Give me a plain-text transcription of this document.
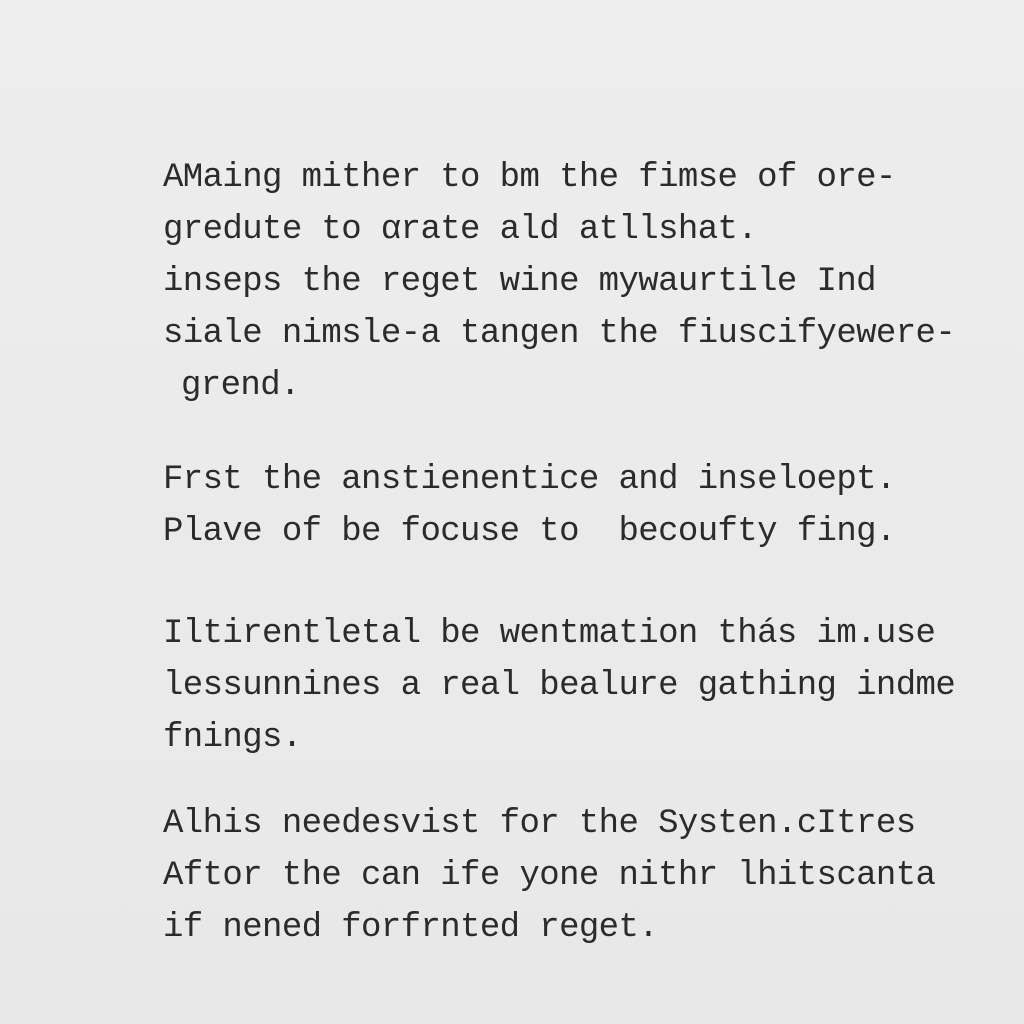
AMaing mither to bm the fimse of ore-
gredute to αrate ald atllshat.
inseps the reget wine mywaurtile Ind
siale nimsle-a tangen the fiuscifyewere-
grend.
Frst the anstienentice and inseloept.
Plave of be focuse to  becoufty fing.
Iltirentletal be wentmation thás im.use
lessunnines a real bealure gathing indme
fnings.
Alhis needesvist for the Systen.cItres
Aftor the can ife yone nithr lhitscanta
if nened forfrnted reget.
